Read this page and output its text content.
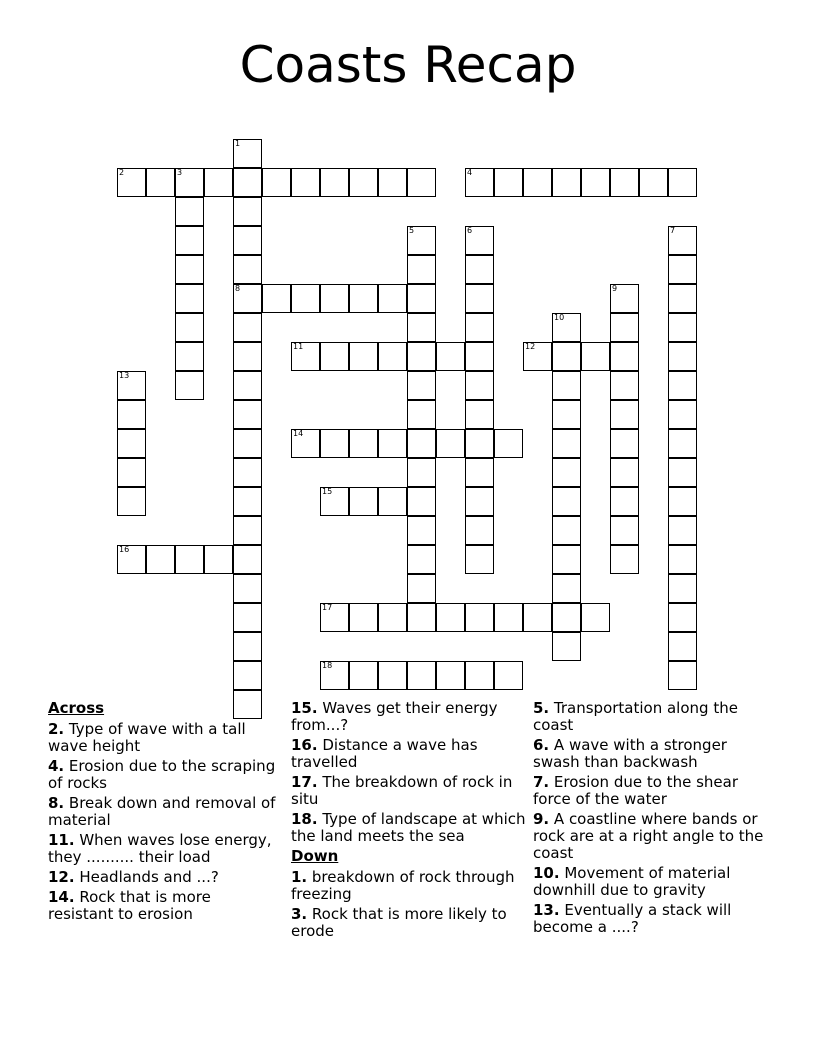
Coasts Recap
1
8
2	3	4
5	6	7
9
10
11	12
13
14
15
16
17
18
Across
2. Type of wave with a tall wave height
4. Erosion due to the scraping of rocks
8. Break down and removal of material
11. When waves lose energy, they .......... their load
12. Headlands and ...?
14. Rock that is more resistant to erosion
15. Waves get their energy from...?
16. Distance a wave has travelled
17. The breakdown of rock in situ
18. Type of landscape at which the land meets the sea
Down
1. breakdown of rock through freezing
3. Rock that is more likely to erode
5. Transportation along the coast
6. A wave with a stronger swash than backwash
7. Erosion due to the shear force of the water
9. A coastline where bands or rock are at a right angle to the coast
10. Movement of material downhill due to gravity
13. Eventually a stack will become a ....?
